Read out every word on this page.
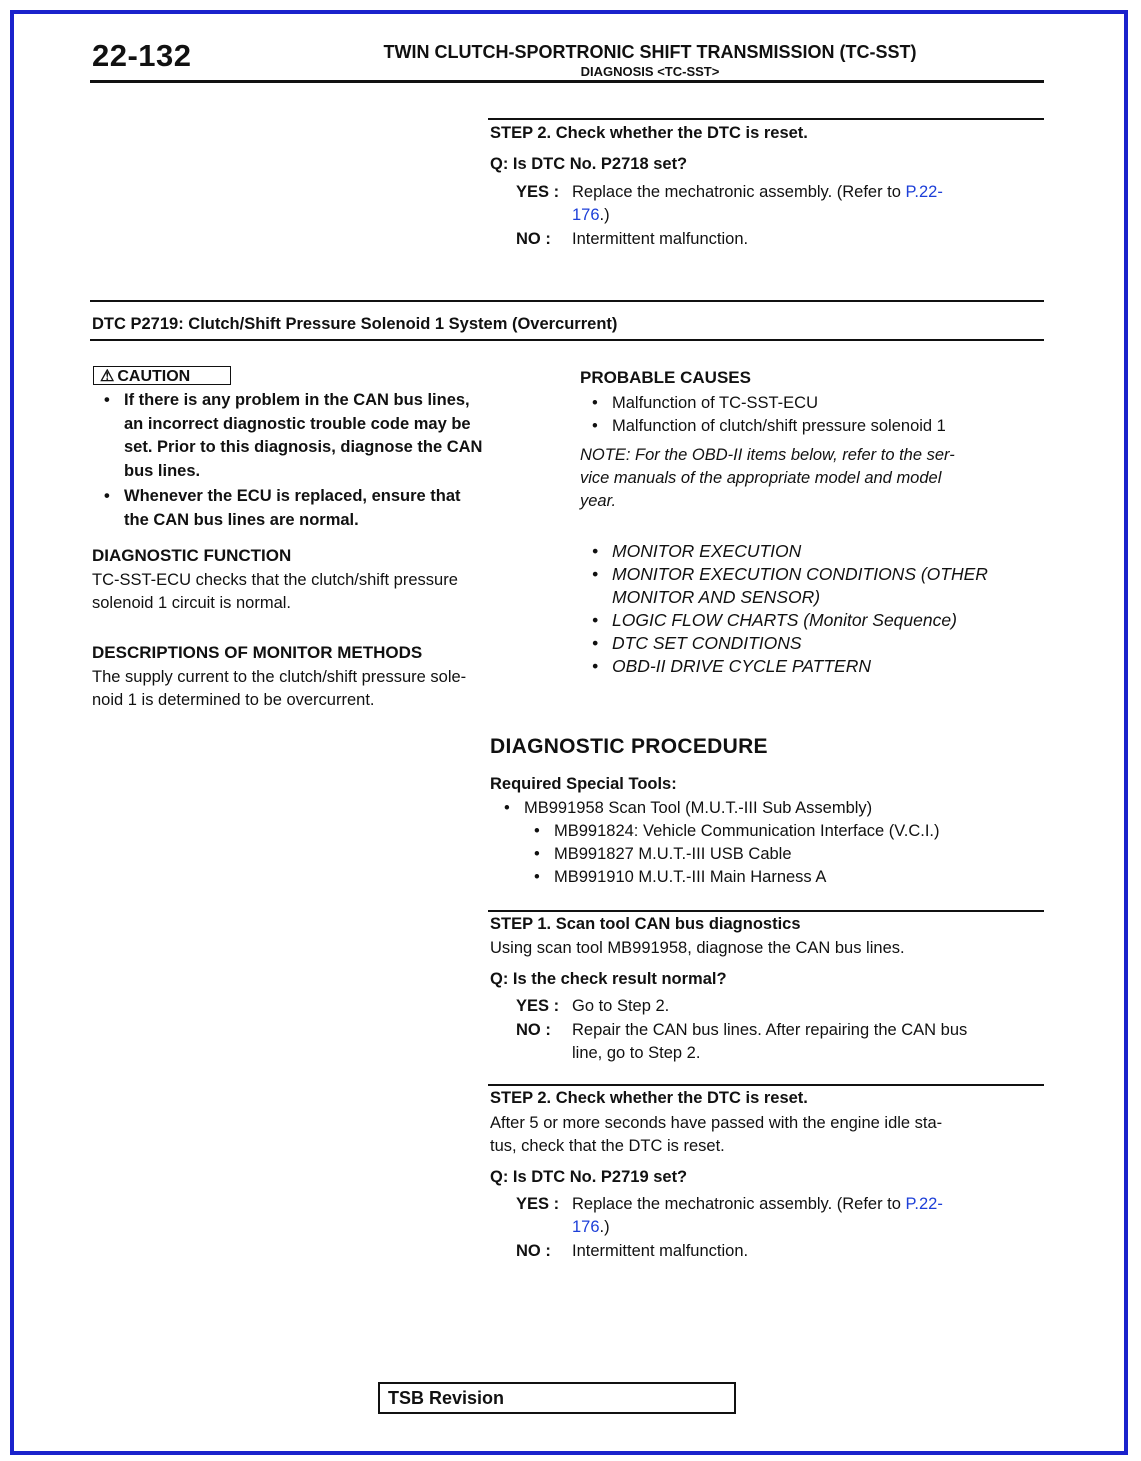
22-132	TWIN CLUTCH-SPORTRONIC SHIFT TRANSMISSION (TC-SST)
DIAGNOSIS <TC-SST>
STEP 2. Check whether the DTC is reset.
Q: Is DTC No. P2718 set?
YES : Replace the mechatronic assembly. (Refer to P.22-
176.)
NO : Intermittent malfunction.
DTC P2719: Clutch/Shift Pressure Solenoid 1 System (Overcurrent)
⚠ CAUTION
• If there is any problem in the CAN bus lines,
an incorrect diagnostic trouble code may be
set. Prior to this diagnosis, diagnose the CAN
bus lines.
• Whenever the ECU is replaced, ensure that
the CAN bus lines are normal.
DIAGNOSTIC FUNCTION
TC-SST-ECU checks that the clutch/shift pressure
solenoid 1 circuit is normal.
DESCRIPTIONS OF MONITOR METHODS
The supply current to the clutch/shift pressure sole-
noid 1 is determined to be overcurrent.
PROBABLE CAUSES
• Malfunction of TC-SST-ECU
• Malfunction of clutch/shift pressure solenoid 1
NOTE: For the OBD-II items below, refer to the ser-
vice manuals of the appropriate model and model
year.
• MONITOR EXECUTION
• MONITOR EXECUTION CONDITIONS (OTHER
MONITOR AND SENSOR)
• LOGIC FLOW CHARTS (Monitor Sequence)
• DTC SET CONDITIONS
• OBD-II DRIVE CYCLE PATTERN
DIAGNOSTIC PROCEDURE
Required Special Tools:
• MB991958 Scan Tool (M.U.T.-III Sub Assembly)
• MB991824: Vehicle Communication Interface (V.C.I.)
• MB991827 M.U.T.-III USB Cable
• MB991910 M.U.T.-III Main Harness A
STEP 1. Scan tool CAN bus diagnostics
Using scan tool MB991958, diagnose the CAN bus lines.
Q: Is the check result normal?
YES : Go to Step 2.
NO : Repair the CAN bus lines. After repairing the CAN bus
line, go to Step 2.
STEP 2. Check whether the DTC is reset.
After 5 or more seconds have passed with the engine idle sta-
tus, check that the DTC is reset.
Q: Is DTC No. P2719 set?
YES : Replace the mechatronic assembly. (Refer to P.22-
176.)
NO : Intermittent malfunction.
TSB Revision
